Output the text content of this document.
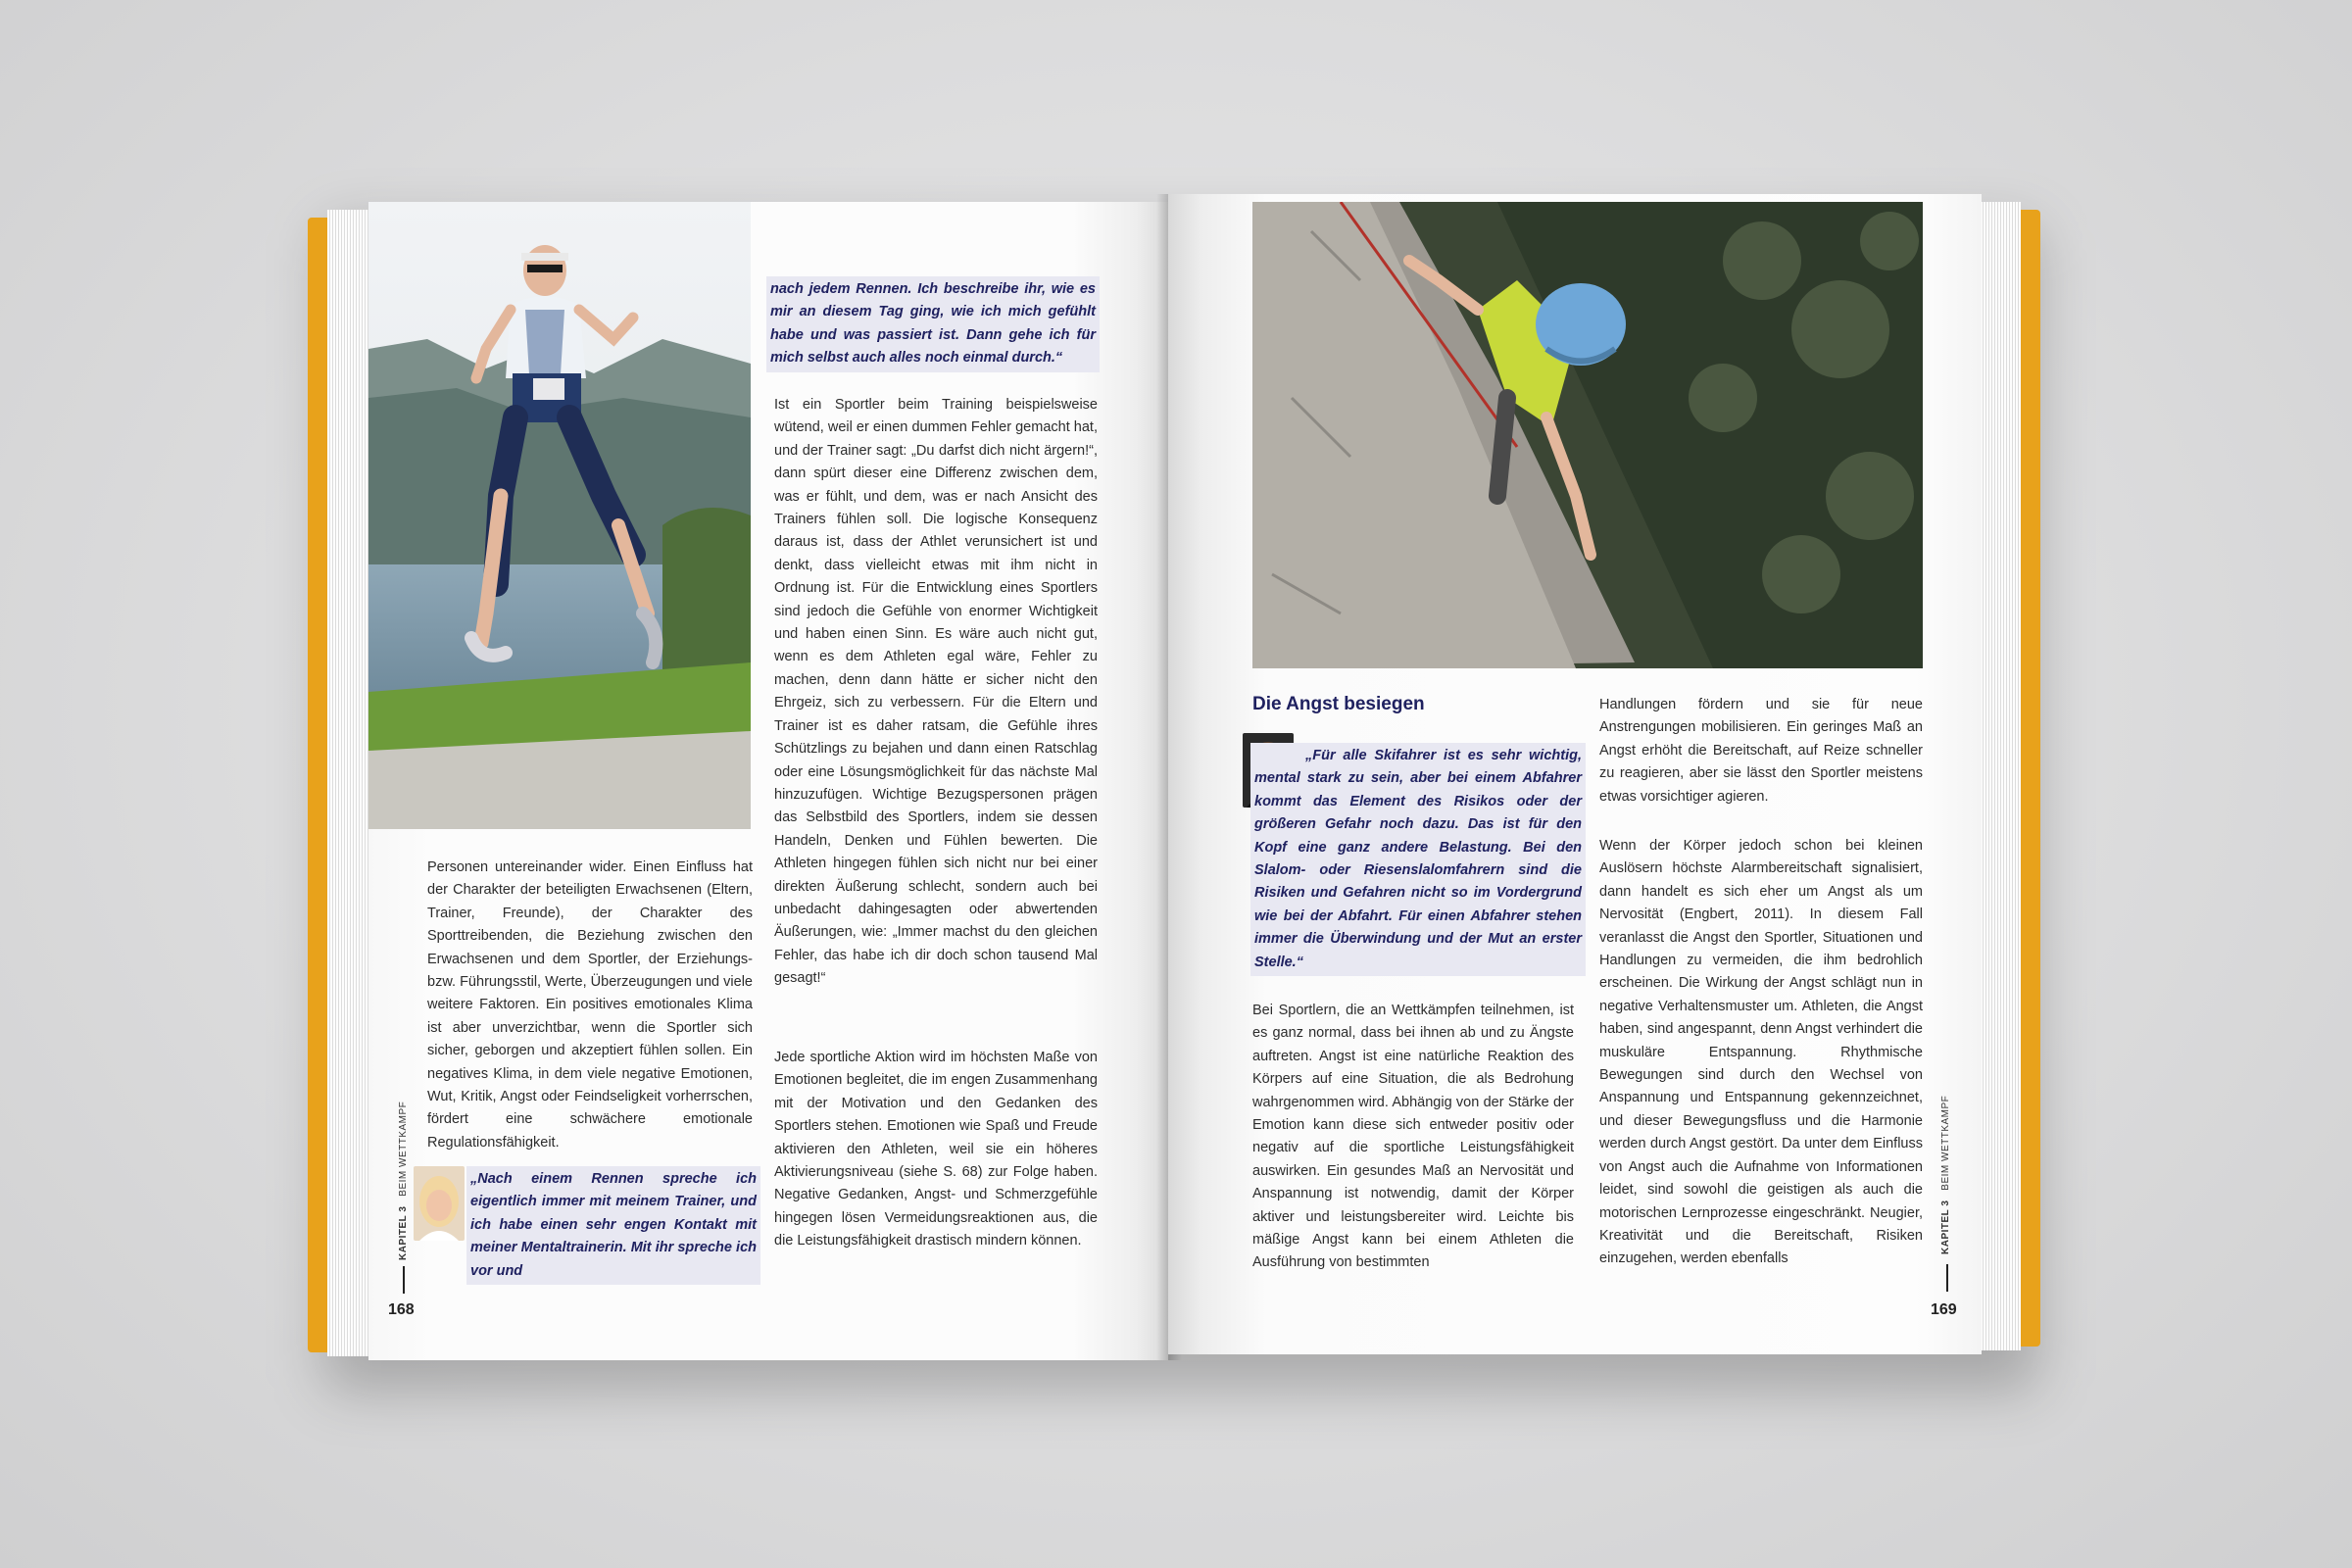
Personen untereinander wider. Einen Einfluss hat der Charakter der beteiligten Erwachsenen (Eltern, Trainer, Freunde), der Charakter des Sporttreibenden, die Beziehung zwischen den Erwachsenen und dem Sportler, der Erziehungs- bzw. Führungsstil, Werte, Überzeugungen und viele weitere Faktoren. Ein positives emotionales Klima ist aber unverzichtbar, wenn die Sportler sich sicher, geborgen und akzeptiert fühlen sollen. Ein negatives Klima, in dem viele negative Emotionen, Wut, Kritik, Angst oder Feindseligkeit vorherrschen, fördert eine schwächere emotionale Regulationsfähigkeit.

„Nach einem Rennen spreche ich eigentlich immer mit meinem Trainer, und ich habe einen sehr engen Kontakt mit meiner Mentaltrainerin. Mit ihr spreche ich vor und

nach jedem Rennen. Ich beschreibe ihr, wie es mir an diesem Tag ging, wie ich mich gefühlt habe und was passiert ist. Dann gehe ich für mich selbst auch alles noch einmal durch.“

Ist ein Sportler beim Training beispielsweise wütend, weil er einen dummen Fehler gemacht hat, und der Trainer sagt: „Du darfst dich nicht ärgern!“, dann spürt dieser eine Differenz zwischen dem, was er fühlt, und dem, was er nach Ansicht des Trainers fühlen soll. Die logische Konsequenz daraus ist, dass der Athlet verunsichert ist und denkt, dass vielleicht etwas mit ihm nicht in Ordnung ist. Für die Entwicklung eines Sportlers sind jedoch die Gefühle von enormer Wichtigkeit und haben einen Sinn. Es wäre auch nicht gut, wenn es dem Athleten egal wäre, Fehler zu machen, denn dann hätte er sicher nicht den Ehrgeiz, sich zu verbessern. Für die Eltern und Trainer ist es daher ratsam, die Gefühle ihres Schützlings zu bejahen und dann einen Ratschlag oder eine Lösungsmöglichkeit für das nächste Mal hinzuzufügen. Wichtige Bezugspersonen prägen das Selbstbild des Sportlers, indem sie dessen Handeln, Denken und Fühlen bewerten. Die Athleten hingegen fühlen sich nicht nur bei einer direkten Äußerung schlecht, sondern auch bei unbedacht dahingesagten oder abwertenden Äußerungen, wie: „Immer machst du den gleichen Fehler, das habe ich dir doch schon tausend Mal gesagt!“

Jede sportliche Aktion wird im höchsten Maße von Emotionen begleitet, die im engen Zusammenhang mit der Motivation und den Gedanken des Sportlers stehen. Emotionen wie Spaß und Freude aktivieren den Athleten, weil sie ein höheres Aktivierungsniveau (siehe S. 68) zur Folge haben. Negative Gedanken, Angst- und Schmerzgefühle hingegen lösen Vermeidungsreaktionen aus, die die Leistungsfähigkeit drastisch mindern können.

KAPITEL 3   BEIM WETTKAMPF
168
Die Angst besiegen

„Für alle Skifahrer ist es sehr wichtig, mental stark zu sein, aber bei einem Abfahrer kommt das Element des Risikos oder der größeren Gefahr noch dazu. Das ist für den Kopf eine ganz andere Belastung. Bei den Slalom- oder Riesenslalomfahrern sind die Risiken und Gefahren nicht so im Vordergrund wie bei der Abfahrt. Für einen Abfahrer stehen immer die Überwindung und der Mut an erster Stelle.“

Bei Sportlern, die an Wettkämpfen teilnehmen, ist es ganz normal, dass bei ihnen ab und zu Ängste auftreten. Angst ist eine natürliche Reaktion des Körpers auf eine Situation, die als Bedrohung wahrgenommen wird. Abhängig von der Stärke der Emotion kann diese sich entweder positiv oder negativ auf die sportliche Leistungsfähigkeit auswirken. Ein gesundes Maß an Nervosität und Anspannung ist notwendig, damit der Körper aktiver und leistungsbereiter wird. Leichte bis mäßige Angst kann bei einem Athleten die Ausführung von bestimmten

Handlungen fördern und sie für neue Anstrengungen mobilisieren. Ein geringes Maß an Angst erhöht die Bereitschaft, auf Reize schneller zu reagieren, aber sie lässt den Sportler meistens etwas vorsichtiger agieren.

Wenn der Körper jedoch schon bei kleinen Auslösern höchste Alarmbereitschaft signalisiert, dann handelt es sich eher um Angst als um Nervosität (Engbert, 2011). In diesem Fall veranlasst die Angst den Sportler, Situationen und Handlungen zu vermeiden, die ihm bedrohlich erscheinen. Die Wirkung der Angst schlägt nun in negative Verhaltensmuster um. Athleten, die Angst haben, sind angespannt, denn Angst verhindert die muskuläre Entspannung. Rhythmische Bewegungen sind durch den Wechsel von Anspannung und Entspannung gekennzeichnet, und dieser Bewegungsfluss und die Harmonie werden durch Angst gestört. Da unter dem Einfluss von Angst auch die Aufnahme von Informationen leidet, sind sowohl die geistigen als auch die motorischen Lernprozesse eingeschränkt. Neugier, Kreativität und die Bereitschaft, Risiken einzugehen, werden ebenfalls

KAPITEL 3   BEIM WETTKAMPF
169
